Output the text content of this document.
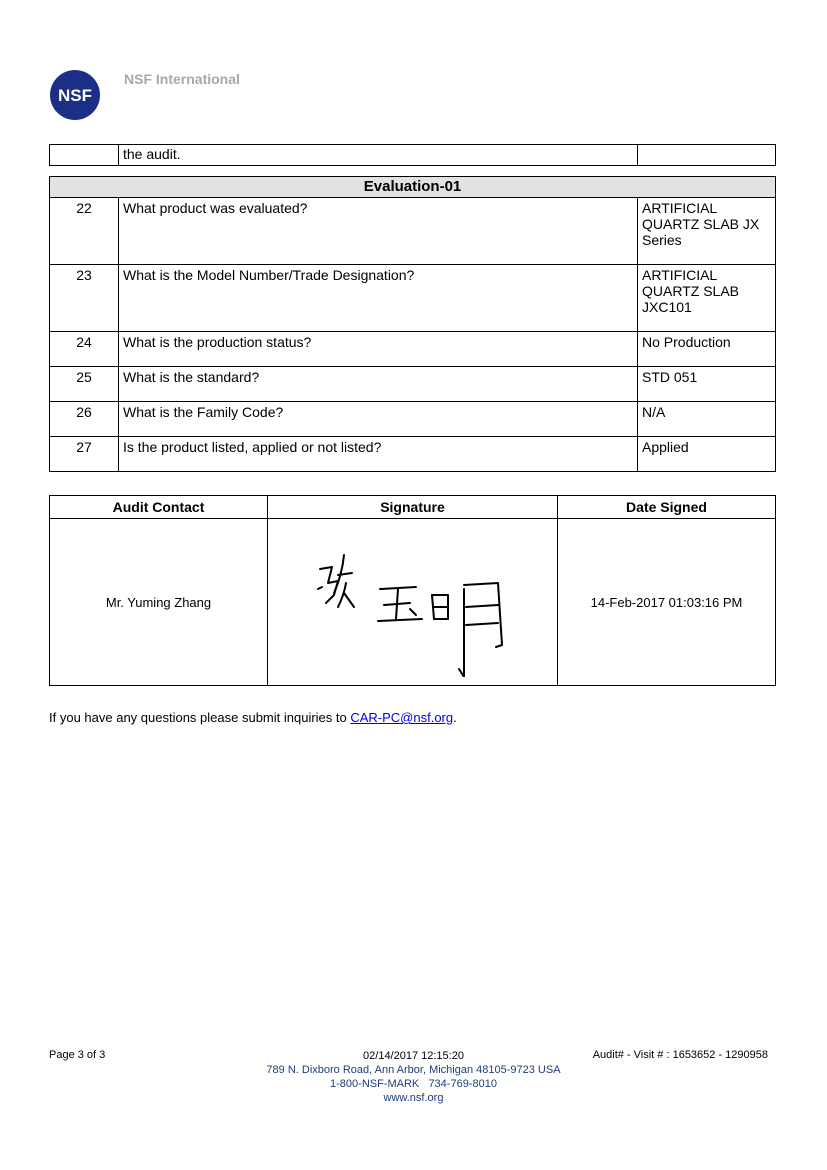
NSF
NSF International
	the audit.	
Evaluation-01		
22	What product was evaluated?	ARTIFICIAL QUARTZ SLAB JX Series
23	What is the Model Number/Trade Designation?	ARTIFICIAL QUARTZ SLAB JXC101
24	What is the production status?	No Production
25	What is the standard?	STD 051
26	What is the Family Code?	N/A
27	Is the product listed, applied or not listed?	Applied
Audit Contact	Signature	Date Signed
Mr. Yuming Zhang		14-Feb-2017 01:03:16 PM
If you have any questions please submit inquiries to CAR-PC@nsf.org.
Page 3 of 3	02/14/2017 12:15:20
789 N. Dixboro Road, Ann Arbor, Michigan 48105-9723 USA
1-800-NSF-MARK   734-769-8010
www.nsf.org
Audit# - Visit # : 1653652 - 1290958
